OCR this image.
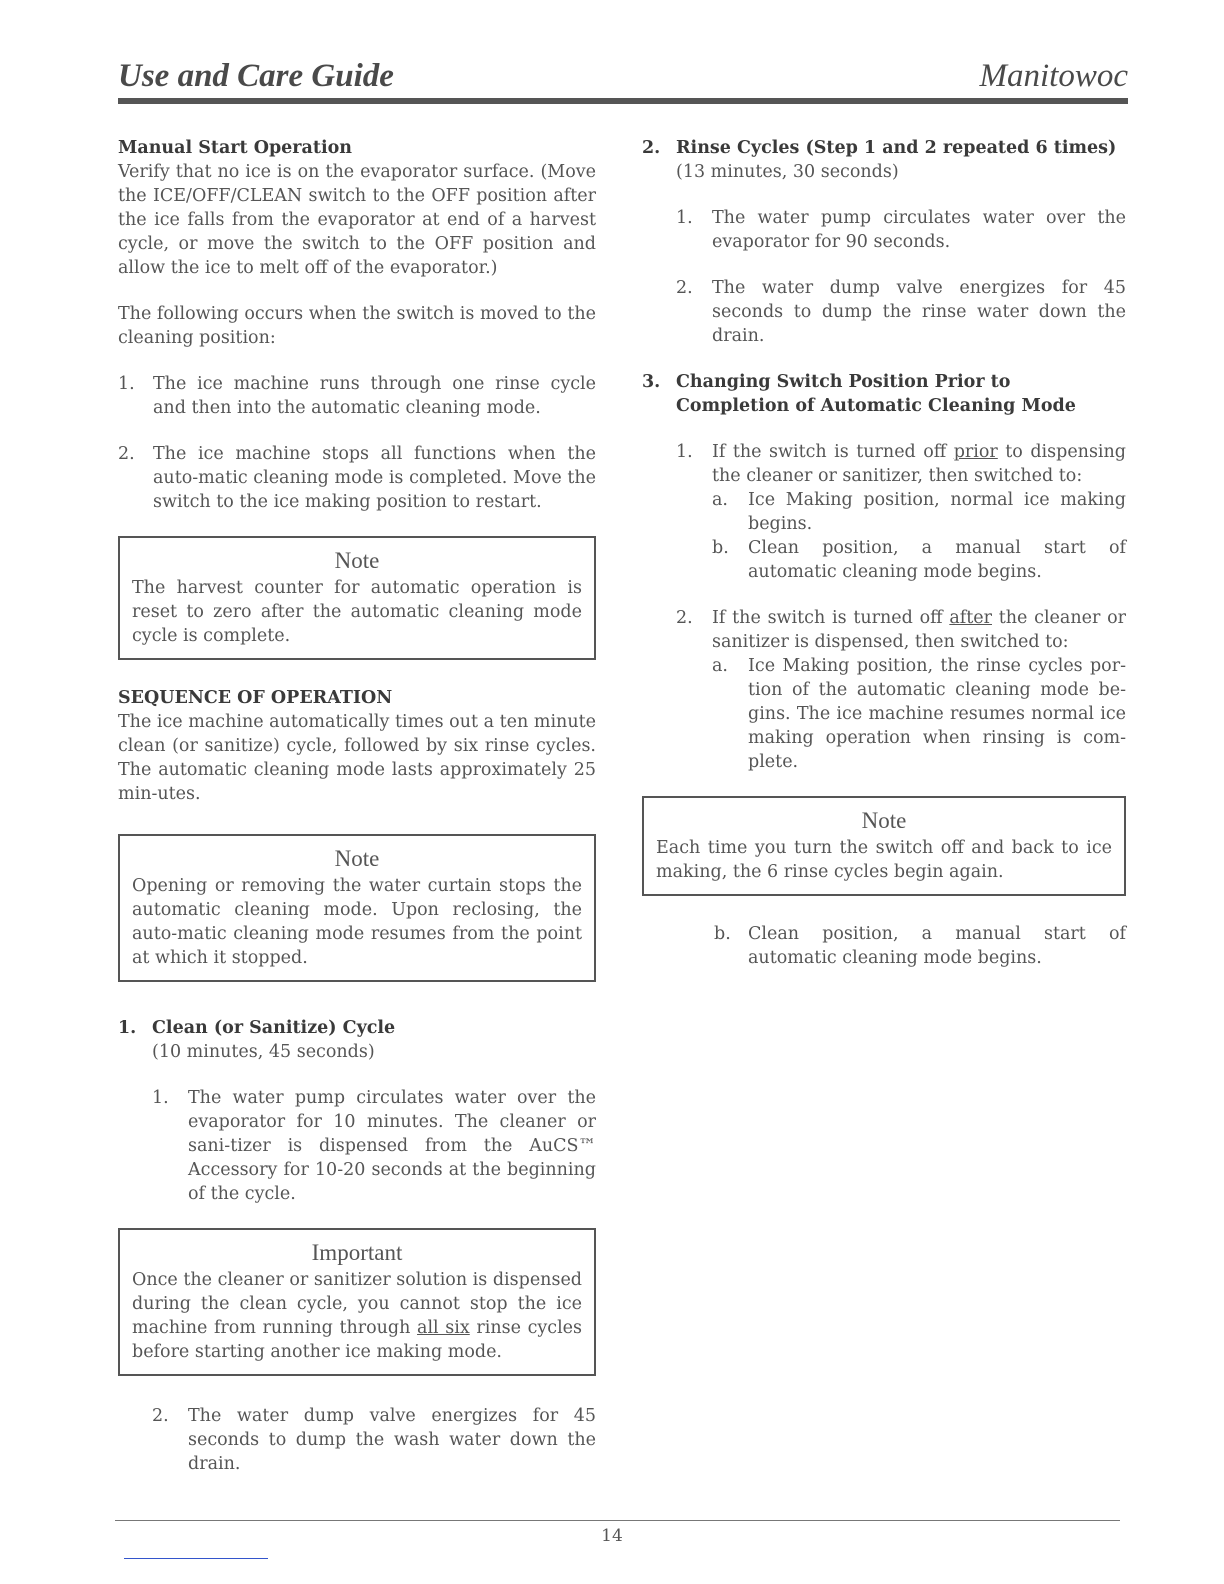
Use and Care Guide	Manitowoc

Manual Start Operation

Verify that no ice is on the evaporator surface. (Move the ICE/OFF/CLEAN switch to the OFF position after the ice falls from the evaporator at end of a harvest cycle, or move the switch to the OFF position and allow the ice to melt off of the evaporator.)

The following occurs when the switch is moved to the cleaning position:

1. The ice machine runs through one rinse cycle and then into the automatic cleaning mode.
2. The ice machine stops all functions when the auto-matic cleaning mode is completed. Move the switch to the ice making position to restart.
Note
The harvest counter for automatic operation is reset to zero after the automatic cleaning mode cycle is complete.

SEQUENCE OF OPERATION

The ice machine automatically times out a ten minute clean (or sanitize) cycle, followed by six rinse cycles. The automatic cleaning mode lasts approximately 25 min-utes.

Note
Opening or removing the water curtain stops the automatic cleaning mode. Upon reclosing, the auto-matic cleaning mode resumes from the point at which it stopped.
1. Clean (or Sanitize) Cycle
(10 minutes, 45 seconds)
1. The water pump circulates water over the evaporator for 10 minutes. The cleaner or sani-tizer is dispensed from the AuCS™ Accessory for 10-20 seconds at the beginning of the cycle.
Important
Once the cleaner or sanitizer solution is dispensed during the clean cycle, you cannot stop the ice machine from running through all six rinse cycles before starting another ice making mode.
2. The water dump valve energizes for 45 seconds to dump the wash water down the drain.
2. Rinse Cycles (Step 1 and 2 repeated 6 times)
(13 minutes, 30 seconds)
1. The water pump circulates water over the evaporator for 90 seconds.
2. The water dump valve energizes for 45 seconds to dump the rinse water down the drain.
3. Changing Switch Position Prior to Completion of Automatic Cleaning Mode
1. If the switch is turned off prior to dispensing the cleaner or sanitizer, then switched to:
a. Ice Making position, normal ice making begins.
b. Clean position, a manual start of automatic cleaning mode begins.
2. If the switch is turned off after the cleaner or sanitizer is dispensed, then switched to:
a. Ice Making position, the rinse cycles por-tion of the automatic cleaning mode be-gins. The ice machine resumes normal ice making operation when rinsing is com-plete.
Note
Each time you turn the switch off and back to ice making, the 6 rinse cycles begin again.
b. Clean position, a manual start of automatic cleaning mode begins.
14
